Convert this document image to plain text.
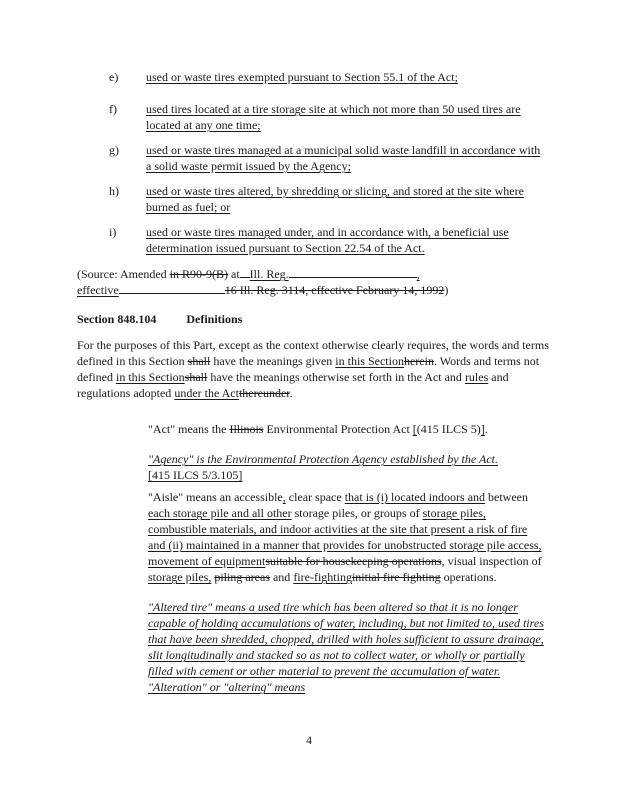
e)	used or waste tires exempted pursuant to Section 55.1 of the Act;
f)	used tires located at a tire storage site at which not more than 50 used tires are located at any one time;
g)	used or waste tires managed at a municipal solid waste landfill in accordance with a solid waste permit issued by the Agency;
h)	used or waste tires altered, by shredding or slicing, and stored at the site where burned as fuel; or
i)	used or waste tires managed under, and in accordance with, a beneficial use determination issued pursuant to Section 22.54 of the Act.
(Source: Amended in R90-9(B) at Ill. Reg.	,
effective	16 Ill. Reg. 3114, effective February 14, 1992)
Section 848.104	Definitions
For the purposes of this Part, except as the context otherwise clearly requires, the words and terms defined in this Section shall have the meanings given in this Sectionherein. Words and terms not defined in this Sectionshall have the meanings otherwise set forth in the Act and rules and regulations adopted under the Actthereunder.
"Act" means the Illinois Environmental Protection Act [(415 ILCS 5)].
"Agency" is the Environmental Protection Agency established by the Act.
[415 ILCS 5/3.105]
"Aisle" means an accessible, clear space that is (i) located indoors and between each storage pile and all other storage piles, or groups of storage piles, combustible materials, and indoor activities at the site that present a risk of fire and (ii) maintained in a manner that provides for unobstructed storage pile access, movement of equipmentsuitable for housekeeping operations, visual inspection of storage piles, piling areas and fire-fightinginitial fire fighting operations.
"Altered tire" means a used tire which has been altered so that it is no longer capable of holding accumulations of water, including, but not limited to, used tires that have been shredded, chopped, drilled with holes sufficient to assure drainage, slit longitudinally and stacked so as not to collect water, or wholly or partially filled with cement or other material to prevent the accumulation of water. "Alteration" or "altering" means
4
